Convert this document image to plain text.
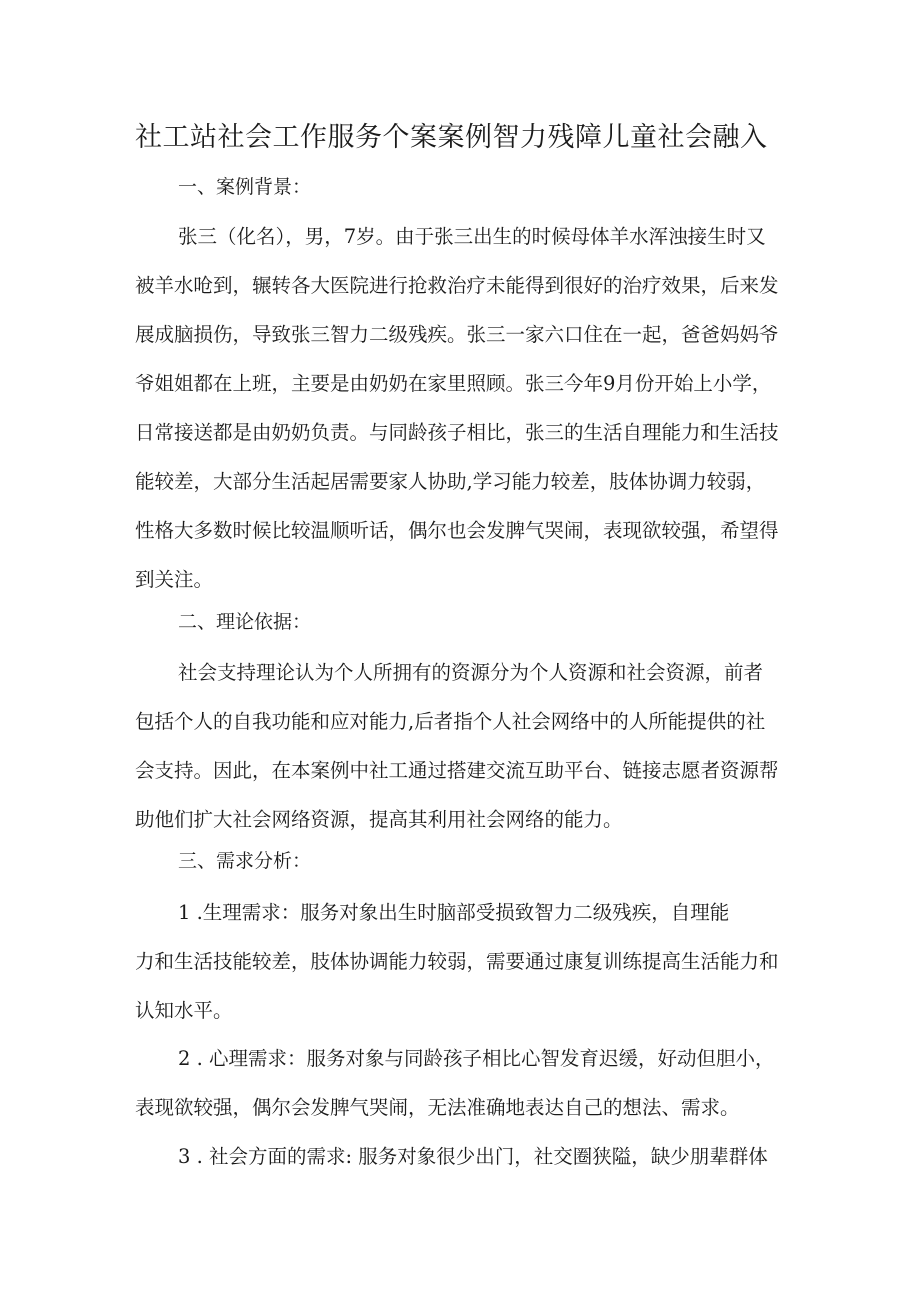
社工站社会工作服务个案案例智力残障儿童社会融入
一、案例背景：
张三（化名），男，7岁。由于张三出生的时候母体羊水浑浊接生时又
被羊水呛到，辗转各大医院进行抢救治疗未能得到很好的治疗效果，后来发
展成脑损伤，导致张三智力二级残疾。张三一家六口住在一起，爸爸妈妈爷
爷姐姐都在上班，主要是由奶奶在家里照顾。张三今年9月份开始上小学，
日常接送都是由奶奶负责。与同龄孩子相比，张三的生活自理能力和生活技
能较差，大部分生活起居需要家人协助,学习能力较差，肢体协调力较弱，
性格大多数时候比较温顺听话，偶尔也会发脾气哭闹，表现欲较强，希望得
到关注。
二、理论依据：
社会支持理论认为个人所拥有的资源分为个人资源和社会资源，前者
包括个人的自我功能和应对能力,后者指个人社会网络中的人所能提供的社
会支持。因此，在本案例中社工通过搭建交流互助平台、链接志愿者资源帮
助他们扩大社会网络资源，提高其利用社会网络的能力。
三、需求分析：
1 .生理需求：服务对象出生时脑部受损致智力二级残疾，自理能
力和生活技能较差，肢体协调能力较弱，需要通过康复训练提高生活能力和
认知水平。
2 . 心理需求：服务对象与同龄孩子相比心智发育迟缓，好动但胆小，
表现欲较强，偶尔会发脾气哭闹，无法准确地表达自己的想法、需求。
3 . 社会方面的需求: 服务对象很少出门，社交圈狭隘，缺少朋辈群体
